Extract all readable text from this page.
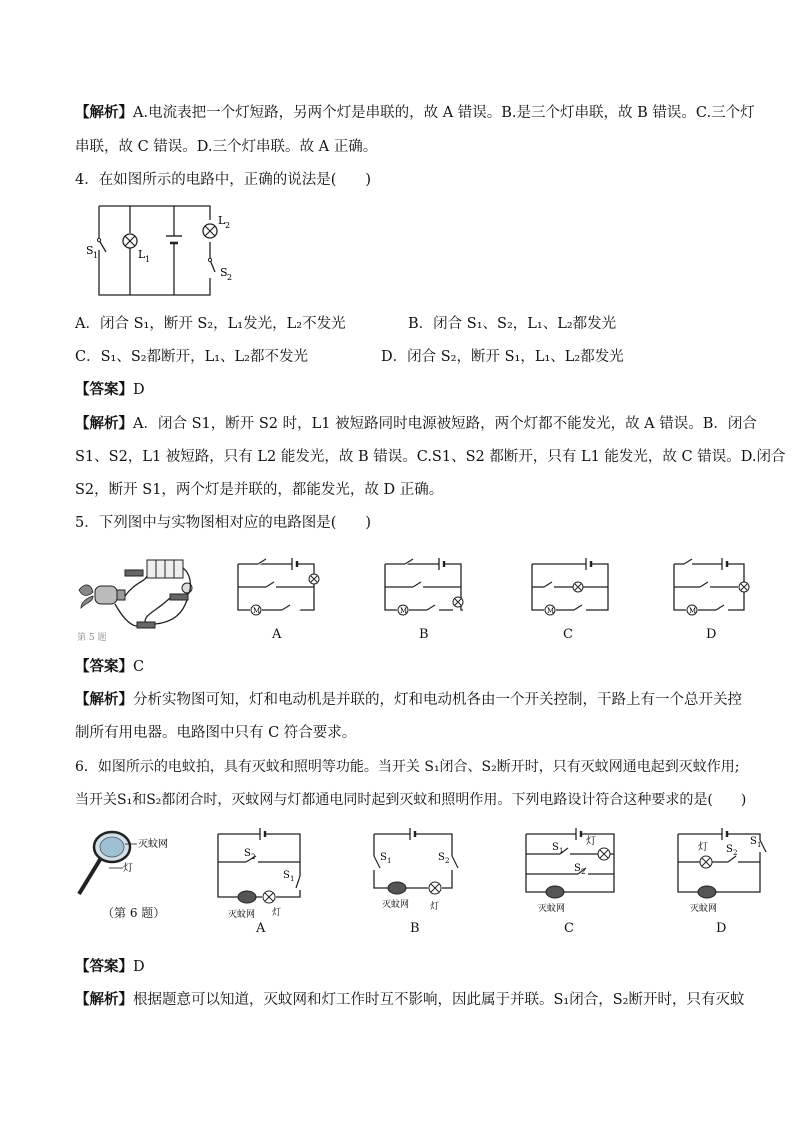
【解析】A.电流表把一个灯短路，另两个灯是串联的，故 A 错误。B.是三个灯串联，故 B 错误。C.三个灯
串联，故 C 错误。D.三个灯串联。故 A 正确。
4．在如图所示的电路中，正确的说法是(　　)
S 1	L 1
L 2
S 2
A．闭合 S₁，断开 S₂，L₁发光，L₂不发光	B．闭合 S₁、S₂，L₁、L₂都发光
C．S₁、S₂都断开，L₁、L₂都不发光	D．闭合 S₂，断开 S₁，L₁、L₂都发光
【答案】D
【解析】A．闭合 S1，断开 S2 时，L1 被短路同时电源被短路，两个灯都不能发光，故 A 错误。B．闭合
S1、S2，L1 被短路，只有 L2 能发光，故 B 错误。C.S1、S2 都断开，只有 L1 能发光，故 C 错误。D.闭合
S2，断开 S1，两个灯是并联的，都能发光，故 D 正确。
5．下列图中与实物图相对应的电路图是(　　)
第 5 题
M
A
M
B
M
C
M
D
【答案】C
【解析】分析实物图可知，灯和电动机是并联的，灯和电动机各由一个开关控制，干路上有一个总开关控
制所有用电器。电路图中只有 C 符合要求。
6．如图所示的电蚊拍，具有灭蚊和照明等功能。当开关 S₁闭合、S₂断开时，只有灭蚊网通电起到灭蚊作用;
当开关S₁和S₂都闭合时，灭蚊网与灯都通电同时起到灭蚊和照明作用。下列电路设计符合这种要求的是(　　)
灭蚊网
灯
（第 6 题）
S 2
S 1
灭蚊网 灯
A
S 1	S 2
灭蚊网 灯
B
S 1
灯
S 2
灭蚊网
C
灯 S 2
S 1
灭蚊网
D
【答案】D
【解析】根据题意可以知道，灭蚊网和灯工作时互不影响，因此属于并联。S₁闭合，S₂断开时，只有灭蚊
